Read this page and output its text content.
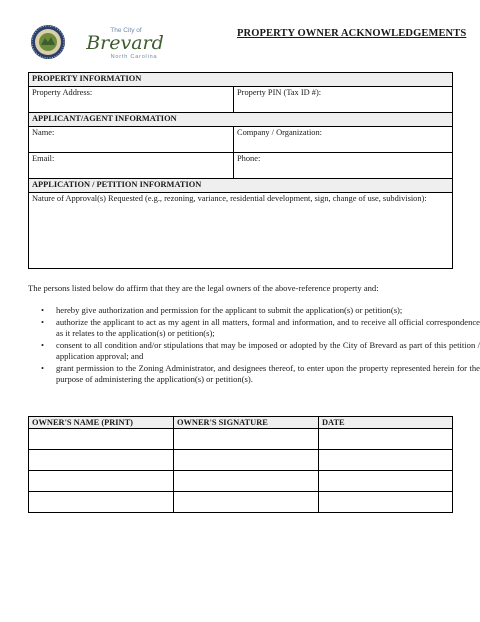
The City of
Brevard
North Carolina
PROPERTY OWNER ACKNOWLEDGEMENTS
PROPERTY INFORMATION	
Property Address:	Property PIN (Tax ID #):
APPLICANT/AGENT INFORMATION	
Name:	Company / Organization:
Email:	Phone:
APPLICATION / PETITION INFORMATION	
Nature of Approval(s) Requested (e.g., rezoning, variance, residential development, sign, change of use, subdivision):	
The persons listed below do affirm that they are the legal owners of the above-reference property and:
• hereby give authorization and permission for the applicant to submit the application(s) or petition(s);
• authorize the applicant to act as my agent in all matters, formal and information, and to receive all official correspondence as it relates to the application(s) or petition(s);
• consent to all condition and/or stipulations that may be imposed or adopted by the City of Brevard as part of this petition / application approval; and
• grant permission to the Zoning Administrator, and designees thereof, to enter upon the property represented herein for the purpose of administering the application(s) or petition(s).
OWNER'S NAME (PRINT)	OWNER'S SIGNATURE	DATE
